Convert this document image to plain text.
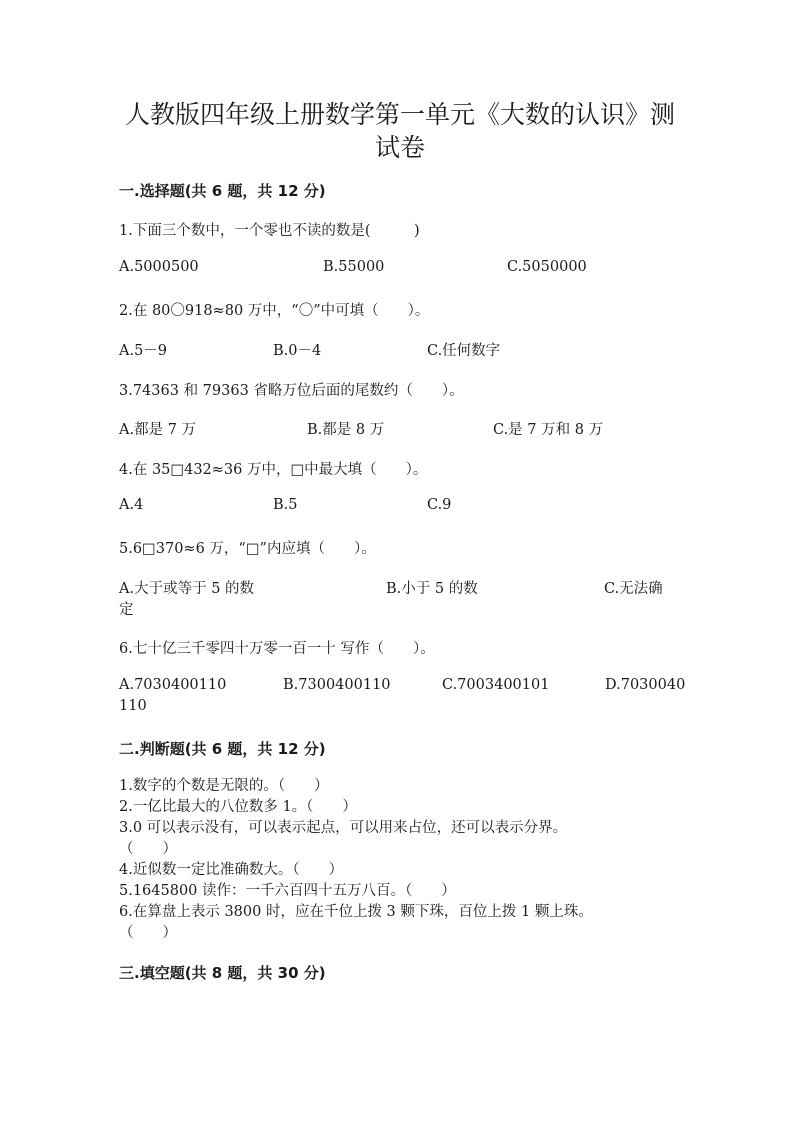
人教版四年级上册数学第一单元《大数的认识》测
试卷
一.选择题(共 6 题，共 12 分)
1.下面三个数中，一个零也不读的数是(　　　)
A.5000500	B.55000	C.5050000
2.在 80〇918≈80 万中，“〇”中可填（　　）。
A.5－9	B.0－4	C.任何数字
3.74363 和 79363 省略万位后面的尾数约（　　）。
A.都是 7 万	B.都是 8 万	C.是 7 万和 8 万
4.在 35□432≈36 万中，□中最大填（　　）。
A.4	B.5	C.9
5.6□370≈6 万，“□”内应填（　　）。
A.大于或等于 5 的数	B.小于 5 的数	C.无法确
定
6.七十亿三千零四十万零一百一十 写作（　　）。
A.7030400110	B.7300400110	C.7003400101	D.7030040
110
二.判断题(共 6 题，共 12 分)
1.数字的个数是无限的。（　　）
2.一亿比最大的八位数多 1。（　　）
3.0 可以表示没有，可以表示起点，可以用来占位，还可以表示分界。
（　　）
4.近似数一定比准确数大。（　　）
5.1645800 读作：一千六百四十五万八百。（　　）
6.在算盘上表示 3800 时，应在千位上拨 3 颗下珠，百位上拨 1 颗上珠。
（　　）
三.填空题(共 8 题，共 30 分)
